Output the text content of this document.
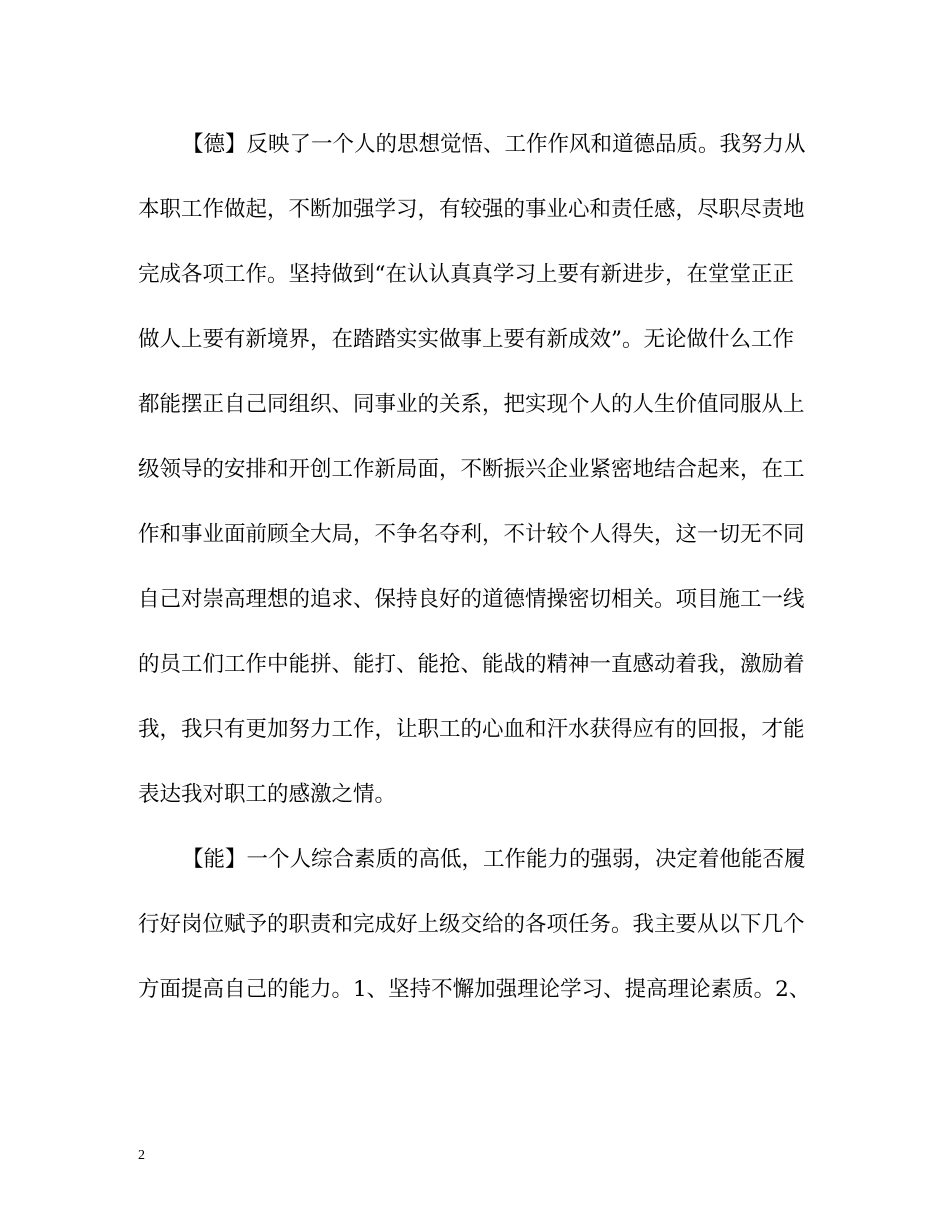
【德】反映了一个人的思想觉悟、工作作风和道德品质。我努力从
本职工作做起，不断加强学习，有较强的事业心和责任感，尽职尽责地
完成各项工作。坚持做到“在认认真真学习上要有新进步，在堂堂正正
做人上要有新境界，在踏踏实实做事上要有新成效”。无论做什么工作
都能摆正自己同组织、同事业的关系，把实现个人的人生价值同服从上
级领导的安排和开创工作新局面，不断振兴企业紧密地结合起来，在工
作和事业面前顾全大局，不争名夺利，不计较个人得失，这一切无不同
自己对崇高理想的追求、保持良好的道德情操密切相关。项目施工一线
的员工们工作中能拼、能打、能抢、能战的精神一直感动着我，激励着
我，我只有更加努力工作，让职工的心血和汗水获得应有的回报，才能
表达我对职工的感激之情。
【能】一个人综合素质的高低，工作能力的强弱，决定着他能否履
行好岗位赋予的职责和完成好上级交给的各项任务。我主要从以下几个
方面提高自己的能力。1、坚持不懈加强理论学习、提高理论素质。2、
2
